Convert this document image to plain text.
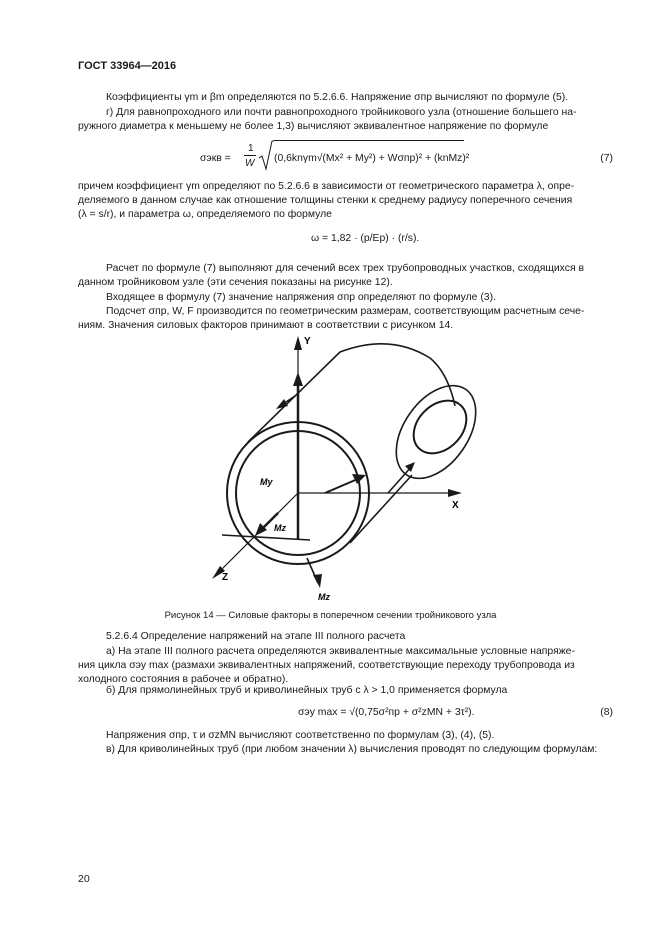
ГОСТ 33964—2016
Коэффициенты γm и βm определяются по 5.2.6.6. Напряжение σпр вычисляют по формуле (5).
г) Для равнопроходного или почти равнопроходного тройникового узла (отношение большего на-
ружного диаметра к меньшему не более 1,3) вычисляют эквивалентное напряжение по формуле
σэкв =
1
W (0,6knγm√(Mx² + My²) + Wσпр)² + (knMz)²	(7)
причем коэффициент γm определяют по 5.2.6.6 в зависимости от геометрического параметра λ, опре-
деляемого в данном случае как отношение толщины стенки к среднему радиусу поперечного сечения
(λ = s/r), и параметра ω, определяемого по формуле
ω = 1,82 · (p/Ep) · (r/s).
Расчет по формуле (7) выполняют для сечений всех трех трубопроводных участков, сходящихся в
данном тройниковом узле (эти сечения показаны на рисунке 12).
Входящее в формулу (7) значение напряжения σпр определяют по формуле (3).
Подсчет σпр, W, F производится по геометрическим размерам, соответствующим расчетным сече-
ниям. Значения силовых факторов принимают в соответствии с рисунком 14.
Y
X
Z
My
Mz
Mz
Рисунок 14 — Силовые факторы в поперечном сечении тройникового узла
5.2.6.4 Определение напряжений на этапе III полного расчета
а) На этапе III полного расчета определяются эквивалентные максимальные условные напряже-
ния цикла σэy max (размахи эквивалентных напряжений, соответствующие переходу трубопровода из
холодного состояния в рабочее и обратно).
б) Для прямолинейных труб и криволинейных труб с λ > 1,0 применяется формула
σэy max = √(0,75σ²пр + σ²zMN + 3τ²).	(8)
Напряжения σпр, τ и σzMN вычисляют соответственно по формулам (3), (4), (5).
в) Для криволинейных труб (при любом значении λ) вычисления проводят по следующим формулам:
20
